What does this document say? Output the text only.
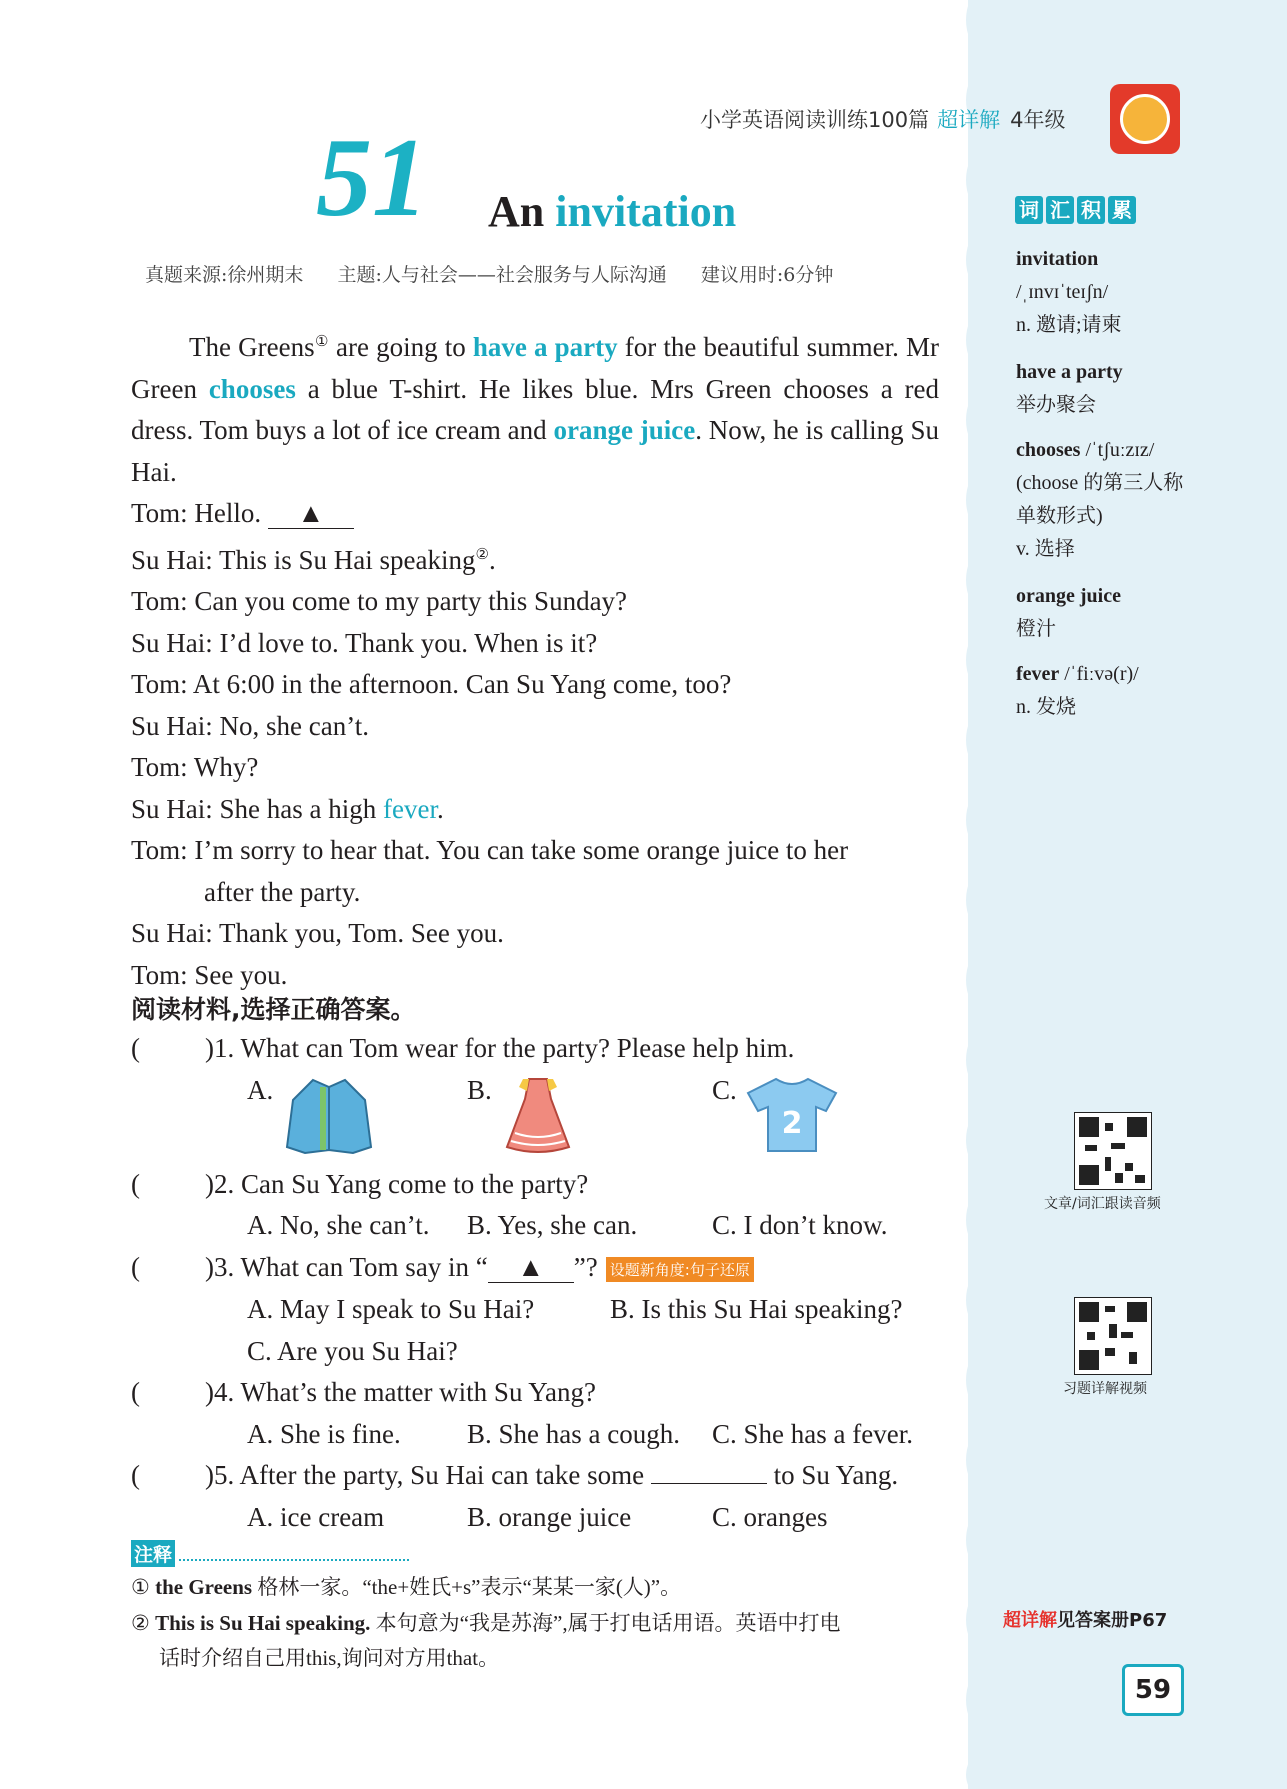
小学英语阅读训练100篇 超详解 4年级
51 An invitation
真题来源:徐州期末 主题:人与社会——社会服务与人际沟通 建议用时:6分钟

The Greens① are going to have a party for the beautiful summer. Mr Green chooses a blue T-shirt. He likes blue. Mrs Green chooses a red dress. Tom buys a lot of ice cream and orange juice. Now, he is calling Su Hai.

Tom: Hello. ▲

Su Hai: This is Su Hai speaking②.

Tom: Can you come to my party this Sunday?

Su Hai: I’d love to. Thank you. When is it?

Tom: At 6:00 in the afternoon. Can Su Yang come, too?

Su Hai: No, she can’t.

Tom: Why?

Su Hai: She has a high fever.

Tom: I’m sorry to hear that. You can take some orange juice to her

after the party.

Su Hai: Thank you, Tom. See you.

Tom: See you.

阅读材料,选择正确答案。
( )1. What can Tom wear for the party? Please help him.
A.	B.	C.
2
( )2. Can Su Yang come to the party?
A. No, she can’t. B. Yes, she can.	C. I don’t know.
( )3. What can Tom say in “ ▲ ”? 设题新角度:句子还原
A. May I speak to Su Hai?	B. Is this Su Hai speaking?
C. Are you Su Hai?
( )4. What’s the matter with Su Yang?
A. She is fine. B. She has a cough. C. She has a fever.
( )5. After the party, Su Hai can take some	to Su Yang.
A. ice cream	B. orange juice	C. oranges
注释
① the Greens 格林一家。“the+姓氏+s”表示“某某一家(人)”。
② This is Su Hai speaking. 本句意为“我是苏海”,属于打电话用语。英语中打电
话时介绍自己用this,询问对方用that。
词 汇 积 累
invitation
/ˌɪnvɪˈteɪʃn/
n. 邀请;请柬
have a party
举办聚会
chooses /ˈtʃuːzɪz/
(choose 的第三人称单数形式)
v. 选择
orange juice
橙汁
fever /ˈfiːvə(r)/
n. 发烧
文章/词汇跟读音频
习题详解视频
超详解见答案册P67
59
